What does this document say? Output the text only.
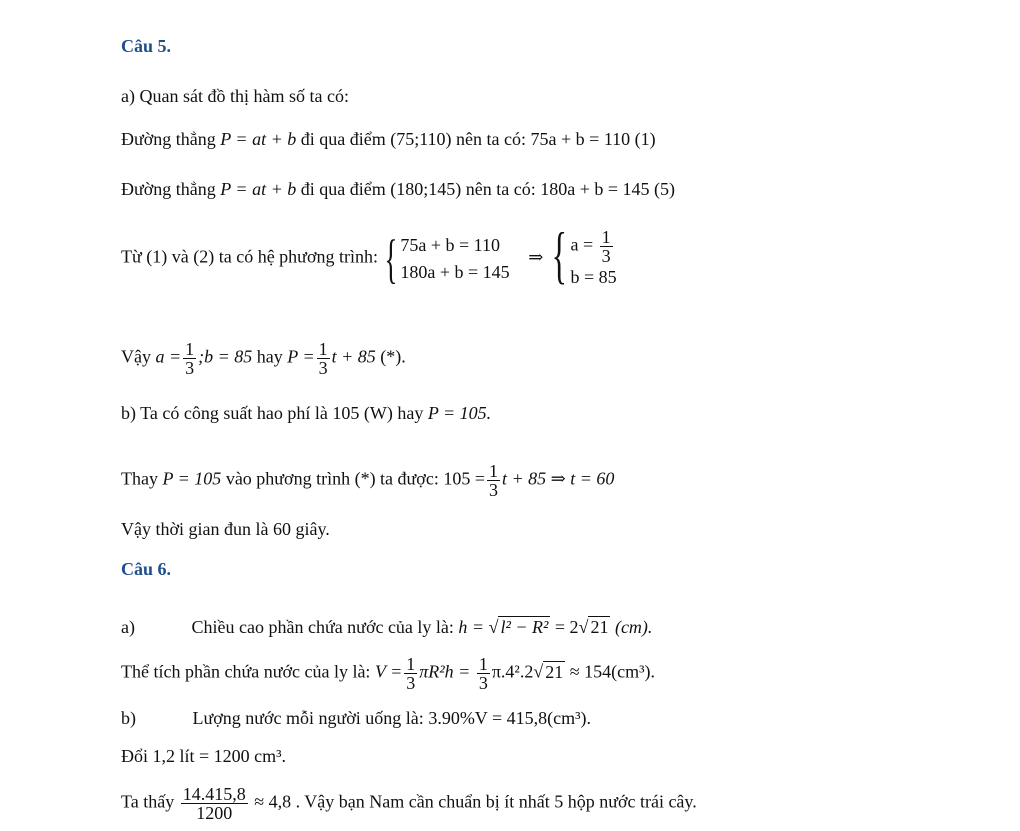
Câu 5.
a) Quan sát đồ thị hàm số ta có:
Đường thẳng P = at + b đi qua điểm (75;110) nên ta có: 75a + b = 110 (1)
Đường thẳng P = at + b đi qua điểm (180;145) nên ta có: 180a + b = 145 (5)
Từ (1) và (2) ta có hệ phương trình: { 75a + b = 110
180a + b = 145
⇒ { $a = \frac{1}{3}$
b = 85
Vậy $a = \frac{1}{3}$ ;b = 85 hay $P = \frac{1}{3}$ t + 85 (*).
b) Ta có công suất hao phí là 105 (W) hay P = 105.
Thay P = 105 vào phương trình (*) ta được: $105 = \frac{1}{3}$ t + 85 ⇒ t = 60
Vậy thời gian đun là 60 giây.
Câu 6.
a)	Chiều cao phần chứa nước của ly là: h = √ l² − R² = 2√ 21 (cm).
Thể tích phần chứa nước của ly là: $V = \frac{1}{3} \pi R^2h = \frac{1}{3} \pi.4^2.2√$ 21 ≈ 154(cm³).
b)	Lượng nước mỗi người uống là: 3.90%V = 415,8(cm³).
Đổi 1,2 lít = 1200 cm³.
Ta thấy $\frac{14.415,8}{1200} \approx 4,8$ . Vậy bạn Nam cần chuẩn bị ít nhất 5 hộp nước trái cây.
